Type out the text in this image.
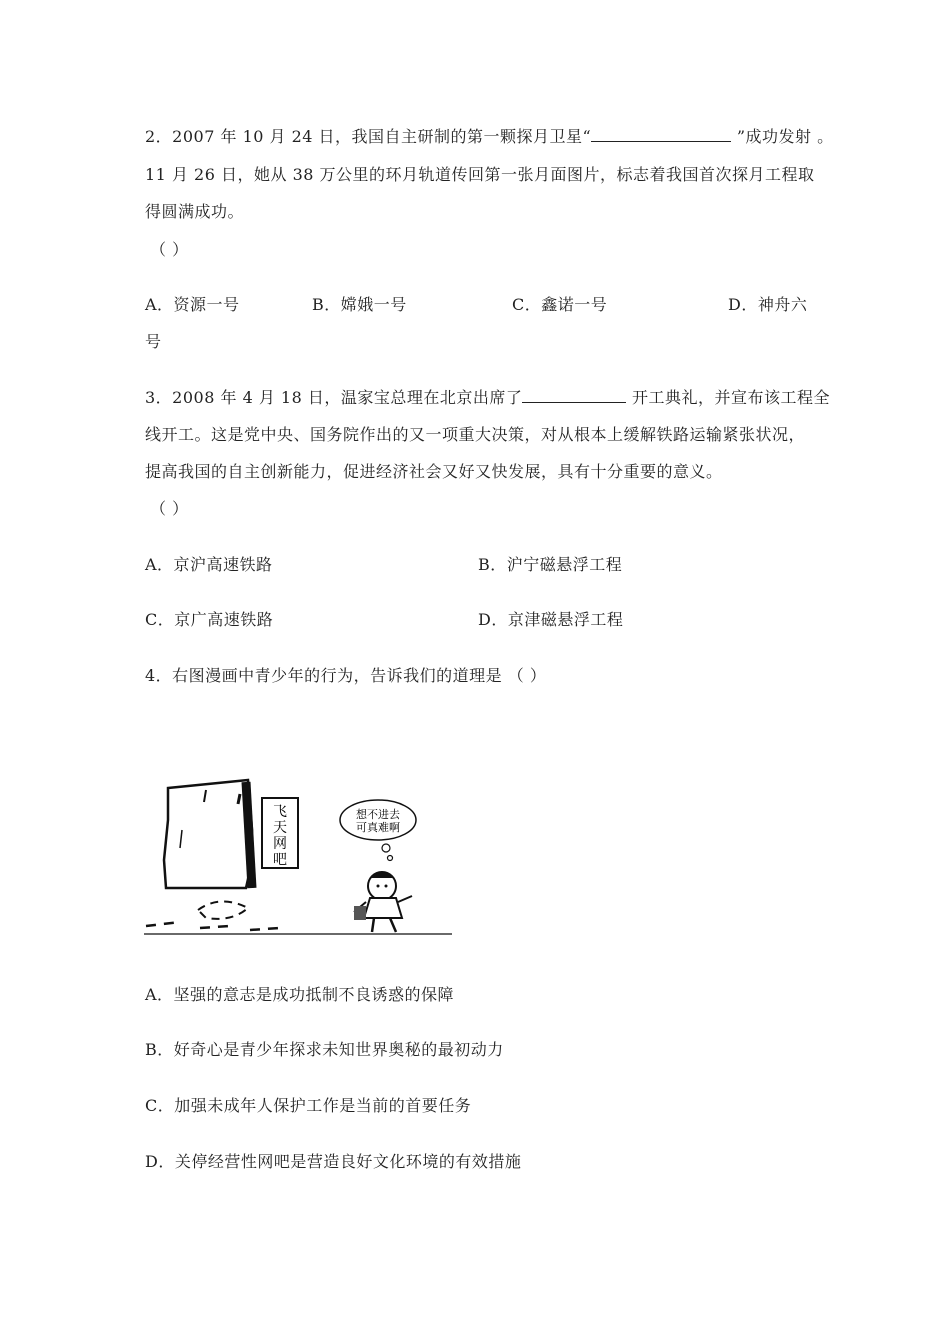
2．2007 年 10 月 24 日，我国自主研制的第一颗探月卫星“	”成功发射 。
11 月 26 日，她从 38 万公里的环月轨道传回第一张月面图片，标志着我国首次探月工程取
得圆满成功。
（ ）
A．资源一号	B．嫦娥一号	C．鑫诺一号	D．神舟六
号
3．2008 年 4 月 18 日，温家宝总理在北京出席了	开工典礼，并宣布该工程全
线开工。这是党中央、国务院作出的又一项重大决策，对从根本上缓解铁路运输紧张状况，
提高我国的自主创新能力，促进经济社会又好又快发展，具有十分重要的意义。
（ ）
A．京沪高速铁路	B．沪宁磁悬浮工程
C．京广高速铁路	D．京津磁悬浮工程
4．右图漫画中青少年的行为，告诉我们的道理是 （ ）
飞
天
网
吧
想不进去
可真难啊
A．坚强的意志是成功抵制不良诱惑的保障
B．好奇心是青少年探求未知世界奥秘的最初动力
C．加强未成年人保护工作是当前的首要任务
D．关停经营性网吧是营造良好文化环境的有效措施
